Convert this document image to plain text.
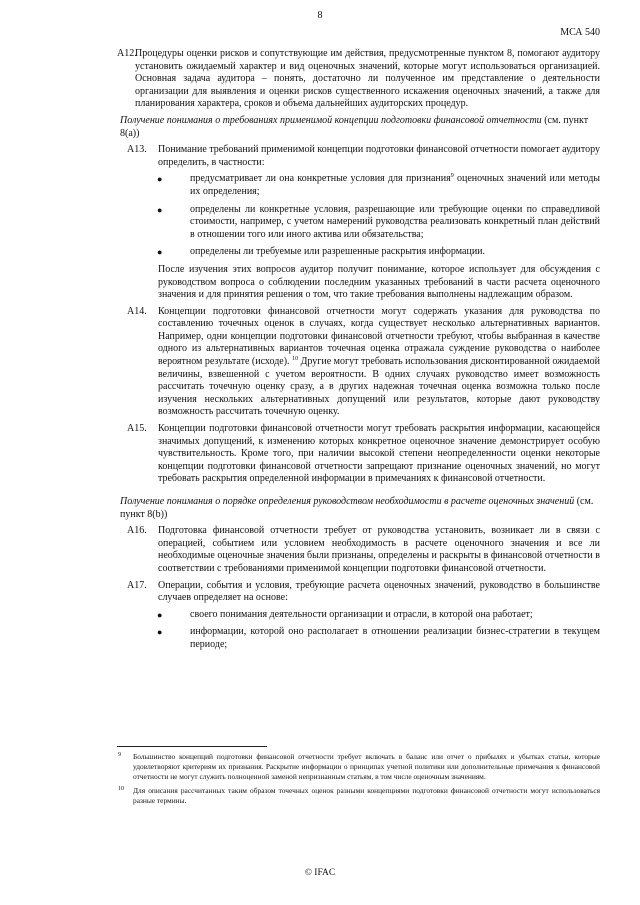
8
МСА 540
A12.
Процедуры оценки рисков и сопутствующие им действия, предусмотренные пунктом 8, помогают аудитору установить ожидаемый характер и вид оценочных значений, которые могут использоваться организацией. Основная задача аудитора – понять, достаточно ли полученное им представление о деятельности организации для выявления и оценки рисков существенного искажения оценочных значений, а также для планирования характера, сроков и объема дальнейших аудиторских процедур.
Получение понимания о требованиях применимой концепции подготовки финансовой отчетности (см. пункт 8(a))
A13. Понимание требований применимой концепции подготовки финансовой отчетности помогает аудитору определить, в частности:
●	предусматривает ли она конкретные условия для признания$^9$ оценочных значений или методы их определения;
●	определены ли конкретные условия, разрешающие или требующие оценки по справедливой стоимости, например, с учетом намерений руководства реализовать конкретный план действий в отношении того или иного актива или обязательства;
●	определены ли требуемые или разрешенные раскрытия информации.
После изучения этих вопросов аудитор получит понимание, которое использует для обсуждения с руководством вопроса о соблюдении последним указанных требований в части расчета оценочного значения и для принятия решения о том, что такие требования выполнены надлежащим образом.
A14. Концепции подготовки финансовой отчетности могут содержать указания для руководства по составлению точечных оценок в случаях, когда существует несколько альтернативных вариантов. Например, одни концепции подготовки финансовой отчетности требуют, чтобы выбранная в качестве одного из альтернативных вариантов точечная оценка отражала суждение руководства о наиболее вероятном результате (исходе). $^{10}$ Другие могут требовать использования дисконтированной ожидаемой величины, взвешенной с учетом вероятности. В одних случаях руководство имеет возможность рассчитать точечную оценку сразу, а в других надежная точечная оценка возможна только после изучения нескольких альтернативных допущений или результатов, которые дают руководству возможность рассчитать точечную оценку.
A15. Концепции подготовки финансовой отчетности могут требовать раскрытия информации, касающейся значимых допущений, к изменению которых конкретное оценочное значение демонстрирует особую чувствительность. Кроме того, при наличии высокой степени неопределенности оценки некоторые концепции подготовки финансовой отчетности запрещают признание оценочных значений, но могут требовать раскрытия определенной информации в примечаниях к финансовой отчетности.
Получение понимания о порядке определения руководством необходимости в расчете оценочных значений (см. пункт 8(b))
A16. Подготовка финансовой отчетности требует от руководства установить, возникает ли в связи с операцией, событием или условием необходимость в расчете оценочного значения и все ли необходимые оценочные значения были признаны, определены и раскрыты в финансовой отчетности в соответствии с требованиями применимой концепции подготовки финансовой отчетности.
A17. Операции, события и условия, требующие расчета оценочных значений, руководство в большинстве случаев определяет на основе:
●	своего понимания деятельности организации и отрасли, в которой она работает;
●	информации, которой оно располагает в отношении реализации бизнес-стратегии в текущем периоде;
9 Большинство концепций подготовки финансовой отчетности требует включать в баланс или отчет о прибылях и убытках статьи, которые удовлетворяют критериям их признания. Раскрытие информации о принципах учетной политики или дополнительные примечания к финансовой отчетности не могут служить полноценной заменой непризнанным статьям, в том числе оценочным значениям.
10 Для описания рассчитанных таким образом точечных оценок разными концепциями подготовки финансовой отчетности могут использоваться разные термины.
© IFAC
